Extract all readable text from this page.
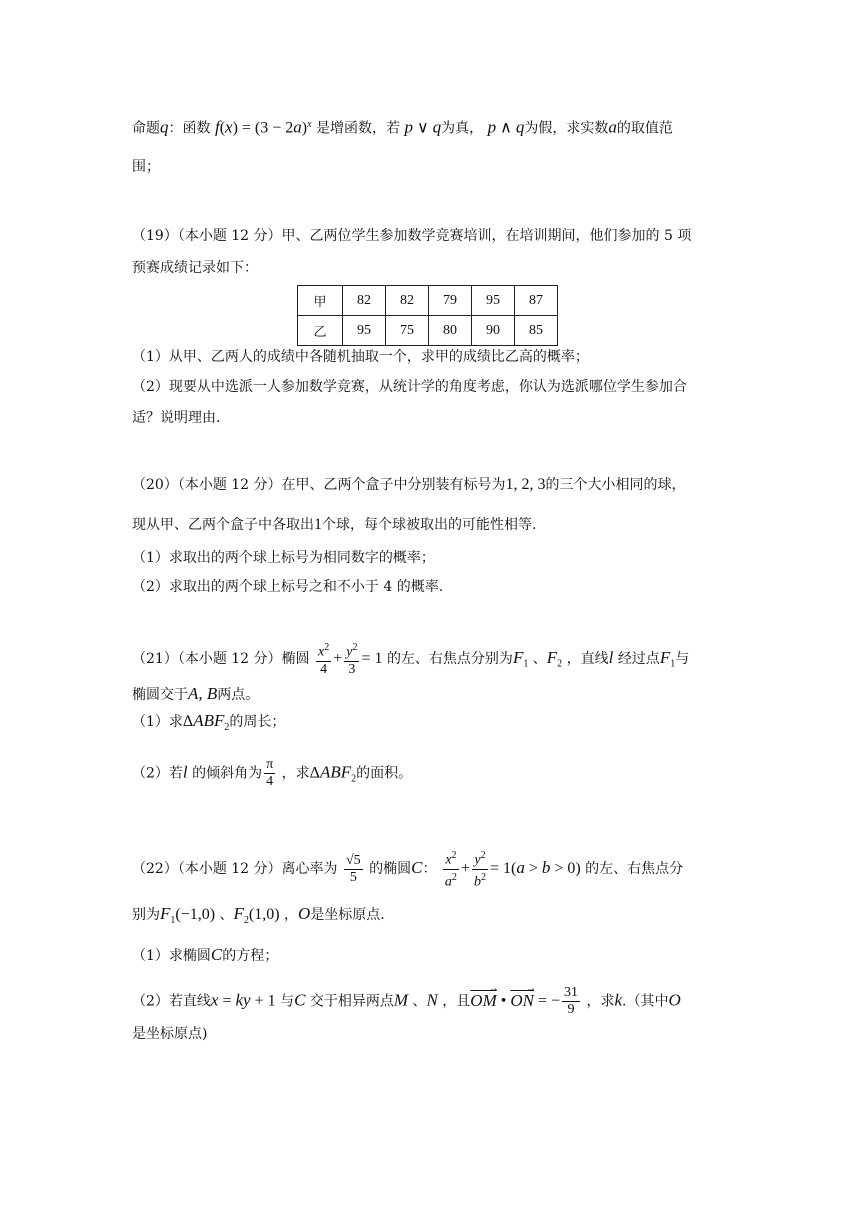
命题q：函数 $f(x) = (3 - 2a)^x$ 是增函数，若 p ∨ q为真， p ∧ q为假，求实数a的取值范
围；
（19）（本小题 12 分）甲、乙两位学生参加数学竞赛培训，在培训期间，他们参加的 5 项
预赛成绩记录如下：
甲	82	82	79	95	87
乙	95	75	80	90	85
（1）从甲、乙两人的成绩中各随机抽取一个，求甲的成绩比乙高的概率；
（2）现要从中选派一人参加数学竞赛，从统计学的角度考虑，你认为选派哪位学生参加合
适？说明理由.
（20）（本小题 12 分）在甲、乙两个盒子中分别装有标号为1, 2, 3的三个大小相同的球，
现从甲、乙两个盒子中各取出1个球，每个球被取出的可能性相等.
（1）求取出的两个球上标号为相同数字的概率；
（2）求取出的两个球上标号之和不小于 4 的概率.
（21）（本小题 12 分）椭圆 $\frac{x^2}{4} + \frac{y^2}{3} = 1$ 的左、右焦点分别为$F_1$ 、$F_2$ ，直线l 经过点$F_1$与
椭圆交于A, B两点。
（1）求$\Delta ABF_2$的周长；
（2）若l 的倾斜角为 $\frac{\pi}{4}$ ，求$\Delta ABF_2$的面积。
（22）（本小题 12 分）离心率为 $\frac{√5}{5}$ 的椭圆C： $\frac{x^2}{a^2} + \frac{y^2}{b^2} = 1(a > b > 0)$ 的左、右焦点分
别为$F_1(-1,0)$ 、$F_2(1,0)$ ，O是坐标原点.
（1）求椭圆C的方程；
（2）若直线x = ky + 1 与C 交于相异两点M 、N ，且$\overline{OM}$ → • $\overline{ON}$ → = − $\frac{31}{9}$ ，求k.（其中O
是坐标原点)
